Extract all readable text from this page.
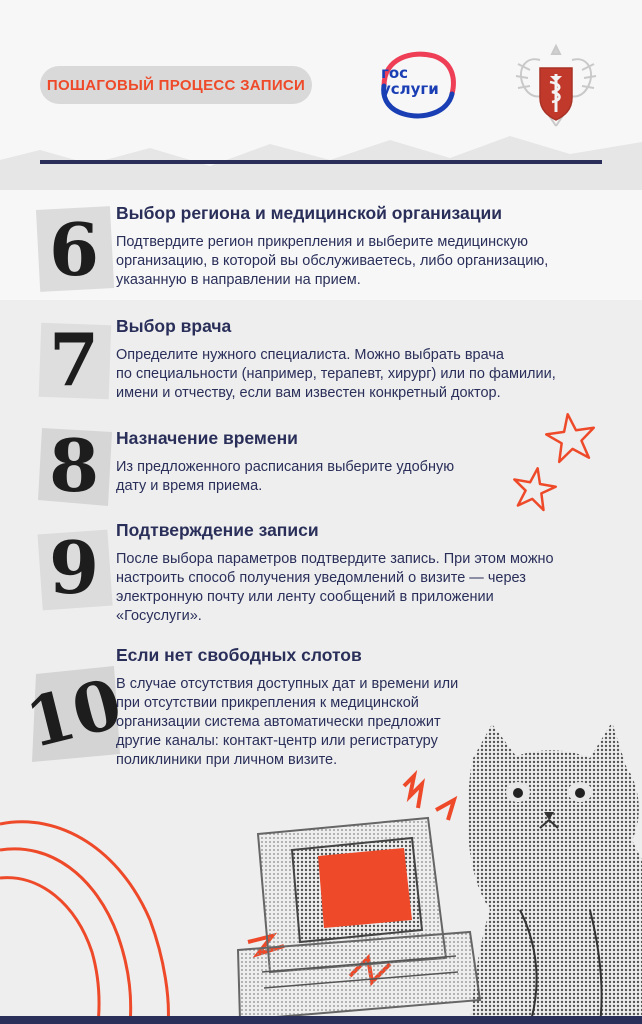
ПОШАГОВЫЙ ПРОЦЕСС ЗАПИСИ
гос
услуги
6
7
8
9
10
Выбор региона и медицинской организации
Подтвердите регион прикрепления и выберите медицинскую
организацию, в которой вы обслуживаетесь, либо организацию,
указанную в направлении на прием.
Выбор врача
Определите нужного специалиста. Можно выбрать врача
по специальности (например, терапевт, хирург) или по фамилии,
имени и отчеству, если вам известен конкретный доктор.
Назначение времени
Из предложенного расписания выберите удобную
дату и время приема.
Подтверждение записи
После выбора параметров подтвердите запись. При этом можно
настроить способ получения уведомлений о визите — через
электронную почту или ленту сообщений в приложении
«Госуслуги».
Если нет свободных слотов
В случае отсутствия доступных дат и времени или
при отсутствии прикрепления к медицинской
организации система автоматически предложит
другие каналы: контакт-центр или регистратуру
поликлиники при личном визите.
